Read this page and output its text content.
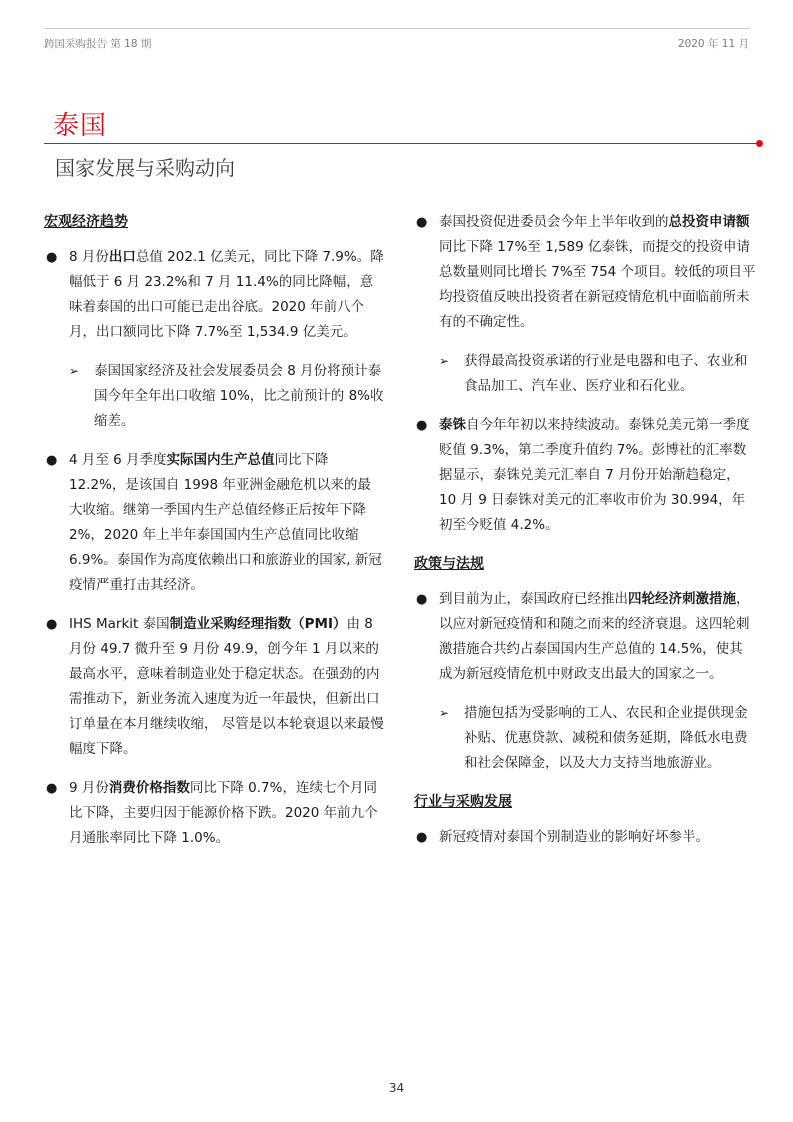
跨国采购报告 第 18 期	2020 年 11 月
泰国
国家发展与采购动向
宏观经济趋势
● 8 月份出口总值 202.1 亿美元，同比下降 7.9%。降幅低于 6 月 23.2%和 7 月 11.4%的同比降幅，意味着泰国的出口可能已走出谷底。2020 年前八个月，出口额同比下降 7.7%至 1,534.9 亿美元。
➢ 泰国国家经济及社会发展委员会 8 月份将预计泰国今年全年出口收缩 10%，比之前预计的 8%收缩差。
● 4 月至 6 月季度实际国内生产总值同比下降 12.2%，是该国自 1998 年亚洲金融危机以来的最大收缩。继第一季国内生产总值经修正后按年下降 2%，2020 年上半年泰国国内生产总值同比收缩 6.9%。泰国作为高度依赖出口和旅游业的国家, 新冠疫情严重打击其经济。
● IHS Markit 泰国制造业采购经理指数（PMI）由 8 月份 49.7 微升至 9 月份 49.9，创今年 1 月以来的最高水平，意味着制造业处于稳定状态。在强劲的内需推动下，新业务流入速度为近一年最快，但新出口订单量在本月继续收缩， 尽管是以本轮衰退以来最慢幅度下降。
● 9 月份消费价格指数同比下降 0.7%，连续七个月同比下降，主要归因于能源价格下跌。2020 年前九个月通胀率同比下降 1.0%。
● 泰国投资促进委员会今年上半年收到的总投资申请额同比下降 17%至 1,589 亿泰铢，而提交的投资申请总数量则同比增长 7%至 754 个项目。较低的项目平均投资值反映出投资者在新冠疫情危机中面临前所未有的不确定性。
➢ 获得最高投资承诺的行业是电器和电子、农业和食品加工、汽车业、医疗业和石化业。
● 泰铢自今年年初以来持续波动。泰铢兑美元第一季度贬值 9.3%，第二季度升值约 7%。彭博社的汇率数据显示，泰铢兑美元汇率自 7 月份开始渐趋稳定，10 月 9 日泰铢对美元的汇率收市价为 30.994，年初至今贬值 4.2%。
政策与法规
● 到目前为止，泰国政府已经推出四轮经济刺激措施，以应对新冠疫情和和随之而来的经济衰退。这四轮刺激措施合共约占泰国国内生产总值的 14.5%，使其成为新冠疫情危机中财政支出最大的国家之一。
➢ 措施包括为受影响的工人、农民和企业提供现金补贴、优惠贷款、减税和债务延期，降低水电费和社会保障金，以及大力支持当地旅游业。
行业与采购发展
● 新冠疫情对泰国个别制造业的影响好坏参半。
34
